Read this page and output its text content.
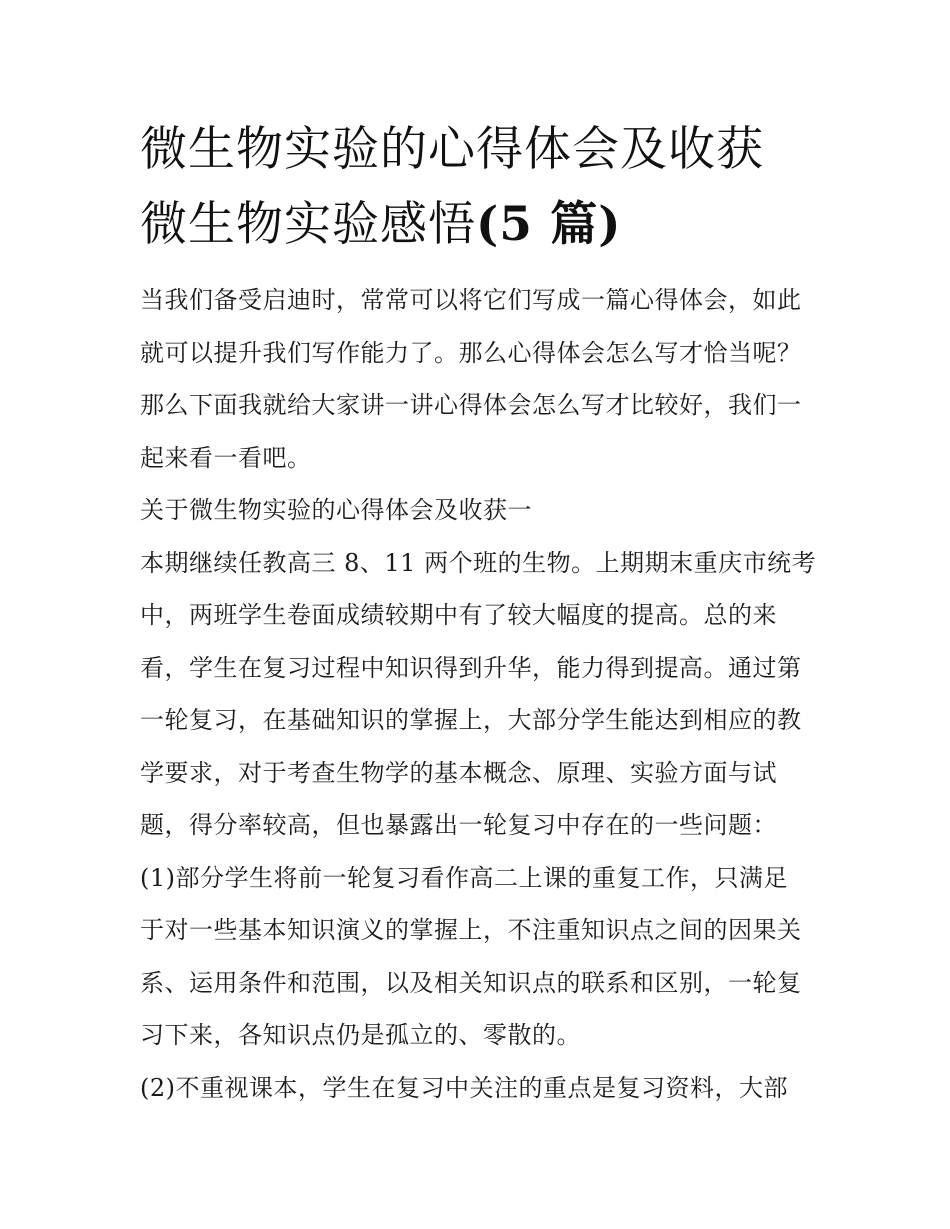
微生物实验的心得体会及收获
微生物实验感悟(5 篇)

当我们备受启迪时，常常可以将它们写成一篇心得体会，如此
就可以提升我们写作能力了。那么心得体会怎么写才恰当呢？
那么下面我就给大家讲一讲心得体会怎么写才比较好，我们一
起来看一看吧。

关于微生物实验的心得体会及收获一

本期继续任教高三 8、11 两个班的生物。上期期末重庆市统考
中，两班学生卷面成绩较期中有了较大幅度的提高。总的来
看，学生在复习过程中知识得到升华，能力得到提高。通过第
一轮复习，在基础知识的掌握上，大部分学生能达到相应的教
学要求，对于考查生物学的基本概念、原理、实验方面与试
题，得分率较高，但也暴露出一轮复习中存在的一些问题：

(1)部分学生将前一轮复习看作高二上课的重复工作，只满足
于对一些基本知识演义的掌握上，不注重知识点之间的因果关
系、运用条件和范围，以及相关知识点的联系和区别，一轮复
习下来，各知识点仍是孤立的、零散的。

(2)不重视课本，学生在复习中关注的重点是复习资料，大部
